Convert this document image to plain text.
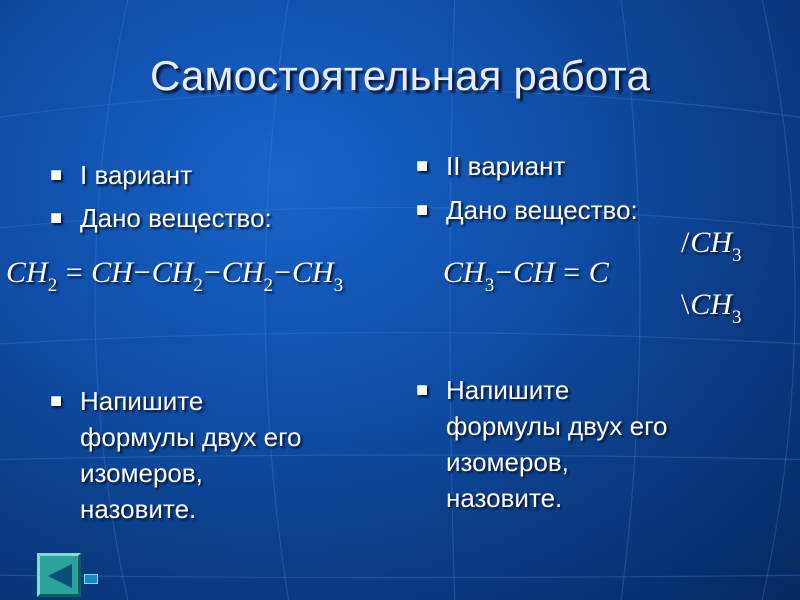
Самостоятельная работа
■ I вариант
■ Дано вещество:
$CH_2 = CH-CH_2-CH_2-CH_3$
■ Напишите
формулы двух его
изомеров,
назовите.
■ II вариант
■ Дано вещество:
$CH_3-CH = C$
$/CH_3$
$\backslash CH_3$
■ Напишите
формулы двух его
изомеров,
назовите.
